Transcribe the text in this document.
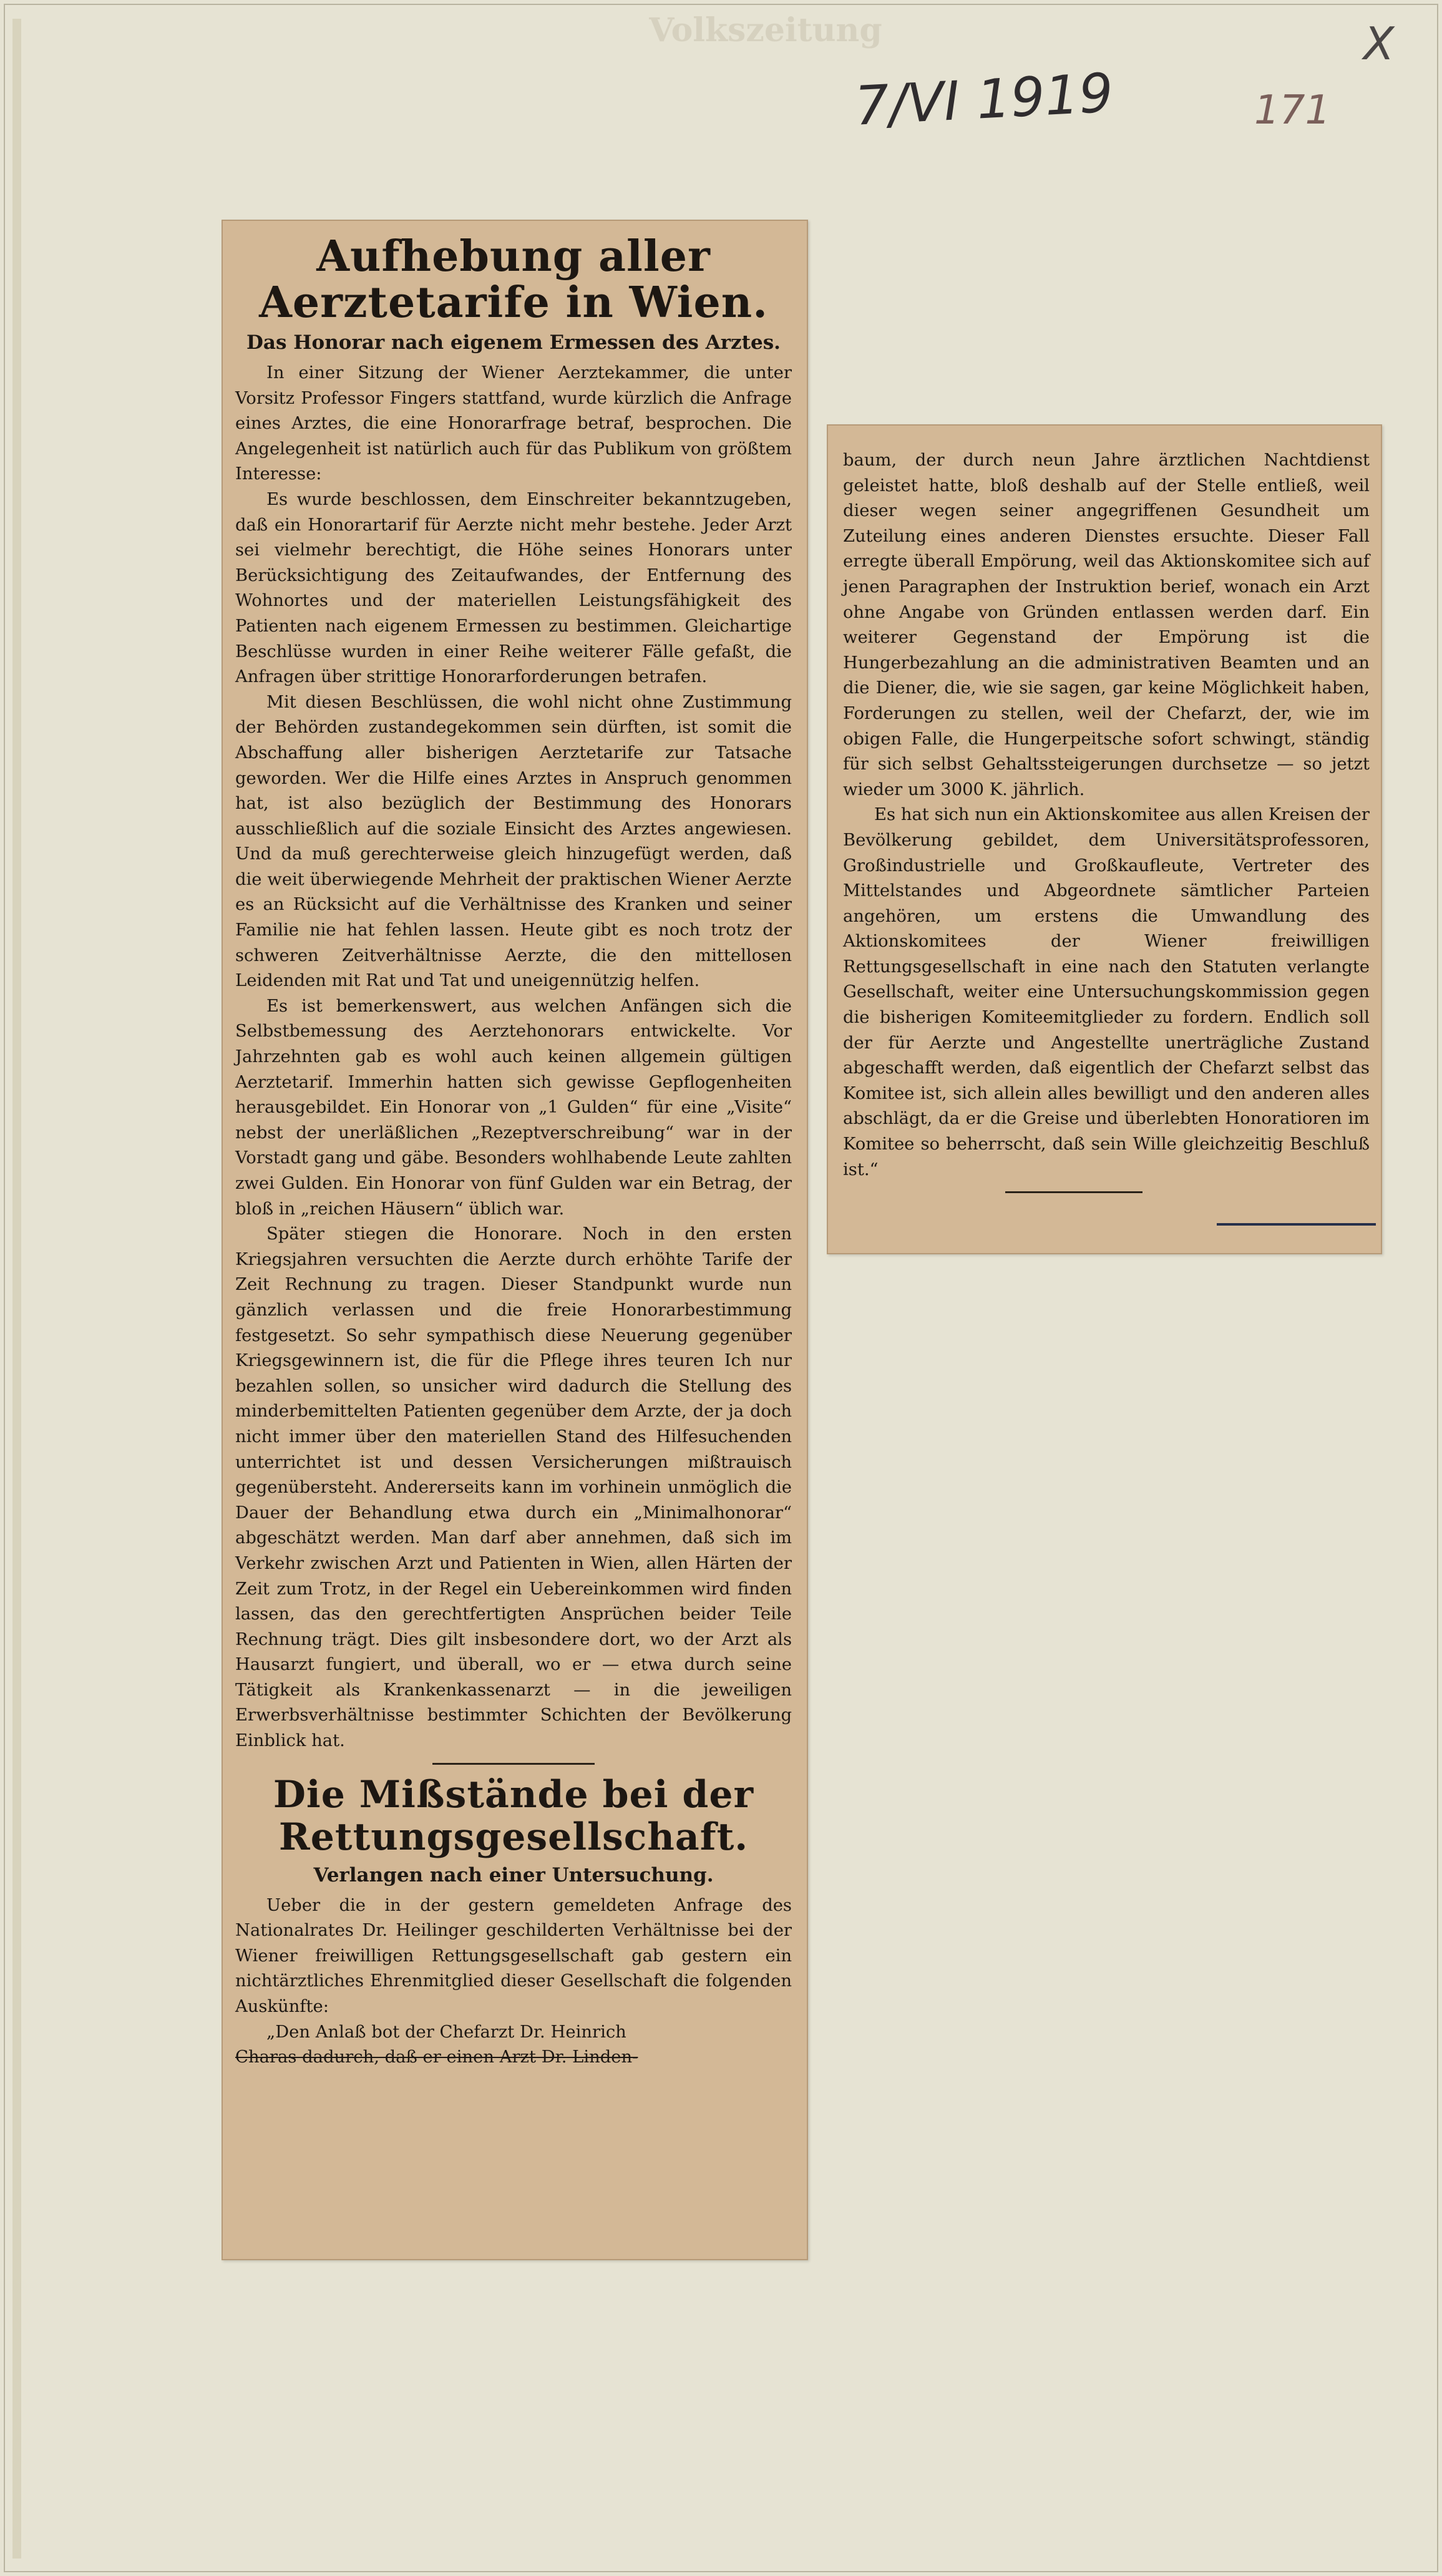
Volkszeitung
7/VI 1919	171
X
Aufhebung aller Aerztetarife in Wien.
Das Honorar nach eigenem Ermessen des Arztes.

In einer Sitzung der Wiener Aerztekammer, die unter Vorsitz Professor Fingers stattfand, wurde kürzlich die Anfrage eines Arztes, die eine Honorarfrage betraf, besprochen. Die Angelegenheit ist natürlich auch für das Publikum von größtem Interesse:

Es wurde beschlossen, dem Einschreiter bekanntzugeben, daß ein Honorartarif für Aerzte nicht mehr bestehe. Jeder Arzt sei vielmehr berechtigt, die Höhe seines Honorars unter Berücksichtigung des Zeitaufwandes, der Entfernung des Wohnortes und der materiellen Leistungsfähigkeit des Patienten nach eigenem Ermessen zu bestimmen. Gleichartige Beschlüsse wurden in einer Reihe weiterer Fälle gefaßt, die Anfragen über strittige Honorarforderungen betrafen.

Mit diesen Beschlüssen, die wohl nicht ohne Zustimmung der Behörden zustandegekommen sein dürften, ist somit die Abschaffung aller bisherigen Aerztetarife zur Tatsache geworden. Wer die Hilfe eines Arztes in Anspruch genommen hat, ist also bezüglich der Bestimmung des Honorars ausschließlich auf die soziale Einsicht des Arztes angewiesen. Und da muß gerechterweise gleich hinzugefügt werden, daß die weit überwiegende Mehrheit der praktischen Wiener Aerzte es an Rücksicht auf die Verhältnisse des Kranken und seiner Familie nie hat fehlen lassen. Heute gibt es noch trotz der schweren Zeitverhältnisse Aerzte, die den mittellosen Leidenden mit Rat und Tat und uneigennützig helfen.

Es ist bemerkenswert, aus welchen Anfängen sich die Selbstbemessung des Aerztehonorars entwickelte. Vor Jahrzehnten gab es wohl auch keinen allgemein gültigen Aerztetarif. Immerhin hatten sich gewisse Gepflogenheiten herausgebildet. Ein Honorar von „1 Gulden“ für eine „Visite“ nebst der unerläßlichen „Rezeptverschreibung“ war in der Vorstadt gang und gäbe. Besonders wohlhabende Leute zahlten zwei Gulden. Ein Honorar von fünf Gulden war ein Betrag, der bloß in „reichen Häusern“ üblich war.

Später stiegen die Honorare. Noch in den ersten Kriegsjahren versuchten die Aerzte durch erhöhte Tarife der Zeit Rechnung zu tragen. Dieser Standpunkt wurde nun gänzlich verlassen und die freie Honorarbestimmung festgesetzt. So sehr sympathisch diese Neuerung gegenüber Kriegsgewinnern ist, die für die Pflege ihres teuren Ich nur bezahlen sollen, so unsicher wird dadurch die Stellung des minderbemittelten Patienten gegenüber dem Arzte, der ja doch nicht immer über den materiellen Stand des Hilfesuchenden unterrichtet ist und dessen Versicherungen mißtrauisch gegenübersteht. Andererseits kann im vorhinein unmöglich die Dauer der Behandlung etwa durch ein „Minimalhonorar“ abgeschätzt werden. Man darf aber annehmen, daß sich im Verkehr zwischen Arzt und Patienten in Wien, allen Härten der Zeit zum Trotz, in der Regel ein Uebereinkommen wird finden lassen, das den gerechtfertigten Ansprüchen beider Teile Rechnung trägt. Dies gilt insbesondere dort, wo der Arzt als Hausarzt fungiert, und überall, wo er — etwa durch seine Tätigkeit als Krankenkassenarzt — in die jeweiligen Erwerbsverhältnisse bestimmter Schichten der Bevölkerung Einblick hat.

Die Mißstände bei der Rettungsgesellschaft.
Verlangen nach einer Untersuchung.

Ueber die in der gestern gemeldeten Anfrage des Nationalrates Dr. Heilinger geschilderten Verhältnisse bei der Wiener freiwilligen Rettungsgesellschaft gab gestern ein nichtärztliches Ehrenmitglied dieser Gesellschaft die folgenden Auskünfte:

„Den Anlaß bot der Chefarzt Dr. Heinrich

Charas dadurch, daß er einen Arzt Dr. Linden-

baum, der durch neun Jahre ärztlichen Nachtdienst geleistet hatte, bloß deshalb auf der Stelle entließ, weil dieser wegen seiner angegriffenen Gesundheit um Zuteilung eines anderen Dienstes ersuchte. Dieser Fall erregte überall Empörung, weil das Aktionskomitee sich auf jenen Paragraphen der Instruktion berief, wonach ein Arzt ohne Angabe von Gründen entlassen werden darf. Ein weiterer Gegenstand der Empörung ist die Hungerbezahlung an die administrativen Beamten und an die Diener, die, wie sie sagen, gar keine Möglichkeit haben, Forderungen zu stellen, weil der Chefarzt, der, wie im obigen Falle, die Hungerpeitsche sofort schwingt, ständig für sich selbst Gehaltssteigerungen durchsetze — so jetzt wieder um 3000 K. jährlich.

Es hat sich nun ein Aktionskomitee aus allen Kreisen der Bevölkerung gebildet, dem Universitätsprofessoren, Großindustrielle und Großkaufleute, Vertreter des Mittelstandes und Abgeordnete sämtlicher Parteien angehören, um erstens die Umwandlung des Aktionskomitees der Wiener freiwilligen Rettungsgesellschaft in eine nach den Statuten verlangte Gesellschaft, weiter eine Untersuchungskommission gegen die bisherigen Komiteemitglieder zu fordern. Endlich soll der für Aerzte und Angestellte unerträgliche Zustand abgeschafft werden, daß eigentlich der Chefarzt selbst das Komitee ist, sich allein alles bewilligt und den anderen alles abschlägt, da er die Greise und überlebten Honoratioren im Komitee so beherrscht, daß sein Wille gleichzeitig Beschluß ist.“
